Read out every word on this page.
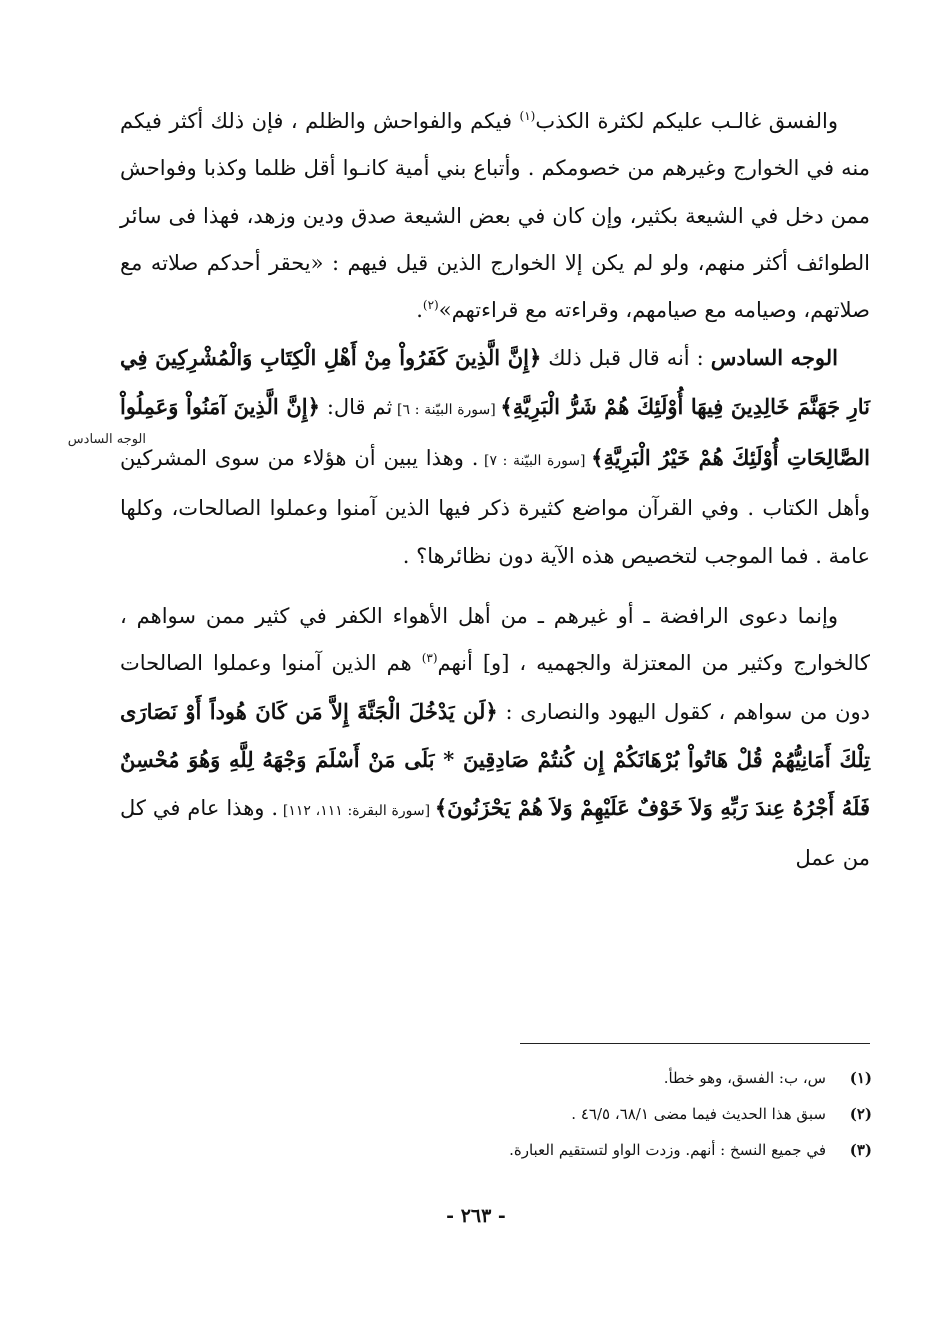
الوجه السادس

والفسق غالـب عليكم لكثرة الكذب$^{(١)}$ فيكم والفواحش والظلم ، فإن ذلك أكثر فيكم منه في الخوارج وغيرهم من خصومكم . وأتباع بني أمية كانـوا أقل ظلما وكذبا وفواحش ممن دخل في الشيعة بكثير، وإن كان في بعض الشيعة صدق ودين وزهد، فهذا فى سائر الطوائف أكثر منهم، ولو لم يكن إلا الخوارج الذين قيل فيهم : «يحقر أحدكم صلاته مع صلاتهم، وصيامه مع صيامهم، وقراءته مع قراءتهم»$^{(٢)}$.

الوجه السادس : أنه قال قبل ذلك ﴿إِنَّ الَّذِينَ كَفَرُواْ مِنْ أَهْلِ الْكِتَابِ وَالْمُشْرِكِينَ فِي نَارِ جَهَنَّمَ خَالِدِينَ فِيهَا أُوْلَئِكَ هُمْ شَرُّ الْبَرِيَّةِ﴾ [سورة البيّنة : ٦] ثم قال: ﴿إِنَّ الَّذِينَ آمَنُواْ وَعَمِلُواْ الصَّالِحَاتِ أُوْلَئِكَ هُمْ خَيْرُ الْبَرِيَّةِ﴾ [سورة البيّنة : ٧] . وهذا يبين أن هؤلاء من سوى المشركين وأهل الكتاب . وفي القرآن مواضع كثيرة ذكر فيها الذين آمنوا وعملوا الصالحات، وكلها عامة . فما الموجب لتخصيص هذه الآية دون نظائرها؟ .

وإنما دعوى الرافضة ـ أو غيرهم ـ من أهل الأهواء الكفر في كثير ممن سواهم ، كالخوارج وكثير من المعتزلة والجهميه ، [و] أنهم$^{(٣)}$ هم الذين آمنوا وعملوا الصالحات دون من سواهم ، كقول اليهود والنصارى : ﴿لَن يَدْخُلَ الْجَنَّةَ إِلاَّ مَن كَانَ هُوداً أَوْ نَصَارَى تِلْكَ أَمَانِيُّهُمْ قُلْ هَاتُواْ بُرْهَانَكُمْ إِن كُنتُمْ صَادِقِينَ * بَلَى مَنْ أَسْلَمَ وَجْهَهُ لِلَّهِ وَهُوَ مُحْسِنٌ فَلَهُ أَجْرُهُ عِندَ رَبِّهِ وَلاَ خَوْفٌ عَلَيْهِمْ وَلاَ هُمْ يَحْزَنُونَ﴾ [سورة البقرة: ١١١، ١١٢] . وهذا عام في كل من عمل

(١)
س، ب: الفسق، وهو خطأ.
(٢)
سبق هذا الحديث فيما مضى ٦٨/١، ٤٦/٥ .
(٣)
في جميع النسخ : أنهم. وزدت الواو لتستقيم العبارة.
- ٢٦٣ -
